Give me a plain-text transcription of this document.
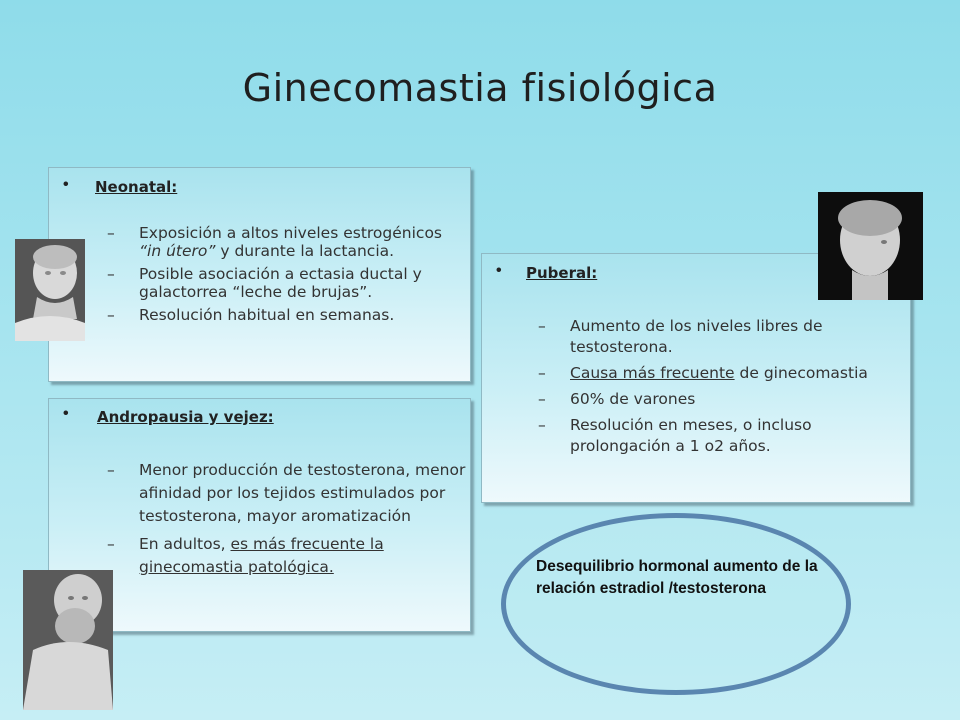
Ginecomastia fisiológica
• Neonatal:
– Exposición a altos niveles estrogénicos “in útero” y durante la lactancia.
– Posible asociación a ectasia ductal y galactorrea “leche de brujas”.
– Resolución habitual en semanas.
• Andropausia y vejez:
– Menor producción de testosterona, menor afinidad por los tejidos estimulados por testosterona, mayor aromatización
– En adultos, es más frecuente la ginecomastia patológica.
• Puberal:
– Aumento de los niveles libres de testosterona.
– Causa más frecuente de ginecomastia
– 60% de varones
– Resolución en meses, o incluso prolongación a 1 o2 años.
Desequilibrio hormonal aumento de la relación estradiol /testosterona
